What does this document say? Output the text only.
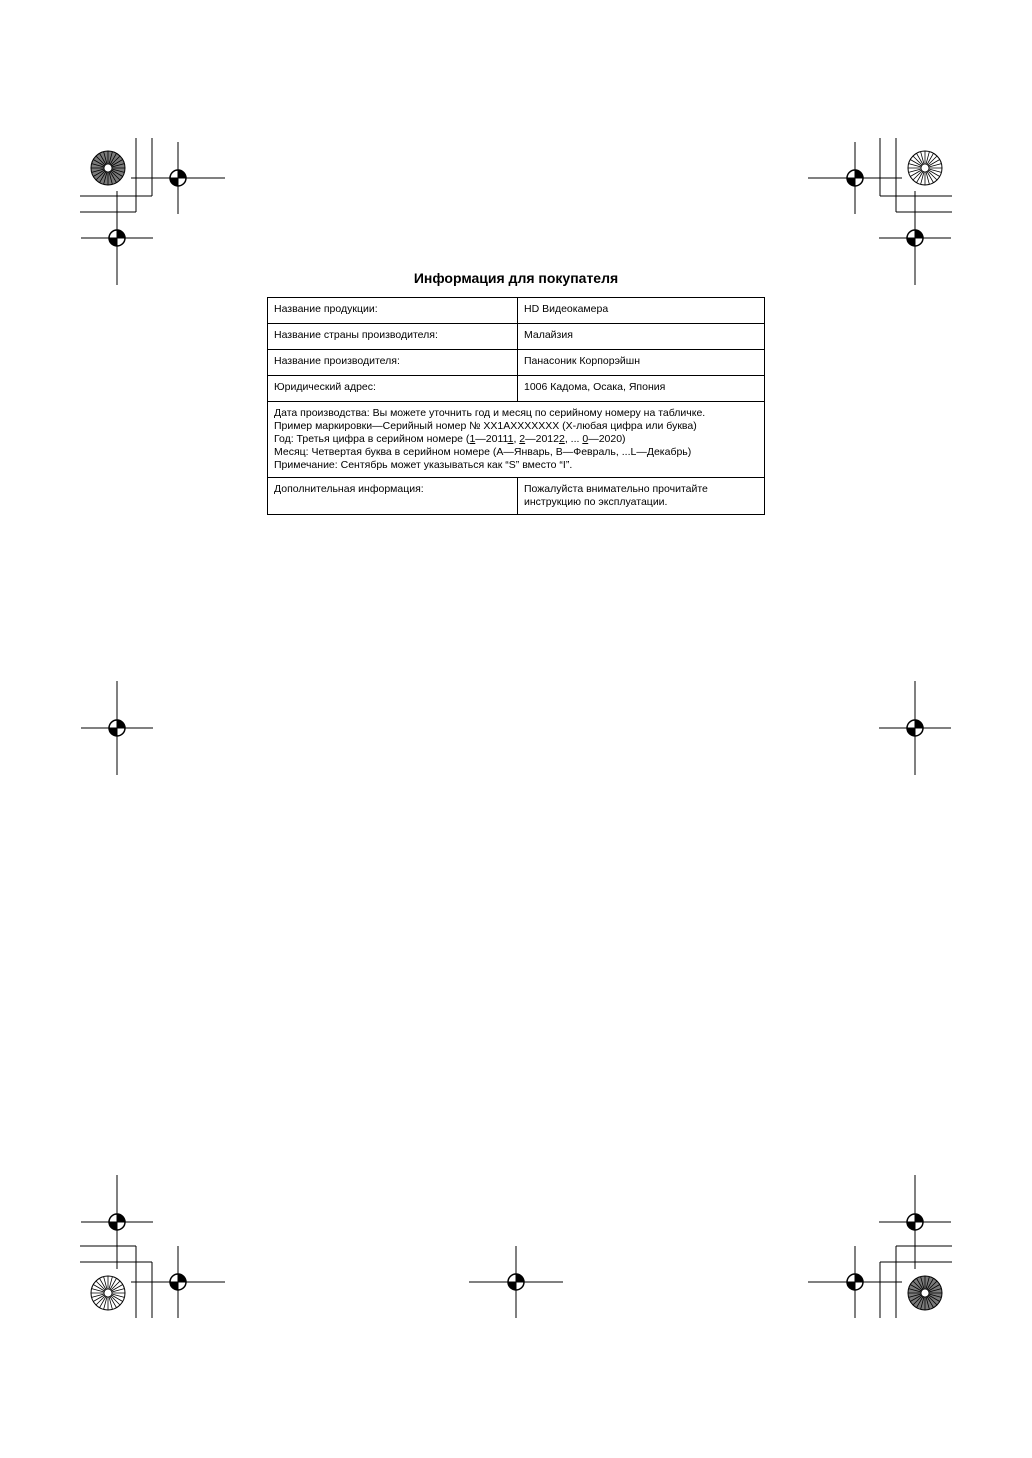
Информация для покупателя
Название продукции:	HD Видеокамера
Название страны производителя:	Малайзия
Название производителя:	Панасоник Корпорэйшн
Юридический адрес:	1006 Кадома, Осака, Япония

Дата производства: Вы можете уточнить год и месяц по серийному номеру на табличке.
Пример маркировки—Серийный номер № XX1AXXXXXXX (X-любая цифра или буква)
Год: Третья цифра в серийном номере (1—20111, 2—20122, ... 0—2020)
Месяц: Четвертая буква в серийном номере (A—Январь, B—Февраль, ...L—Декабрь)
Примечание: Сентябрь может указываться как “S” вместо “I”.	

Дополнительная информация:	Пожалуйста внимательно прочитайте инструкцию по эксплуатации.
